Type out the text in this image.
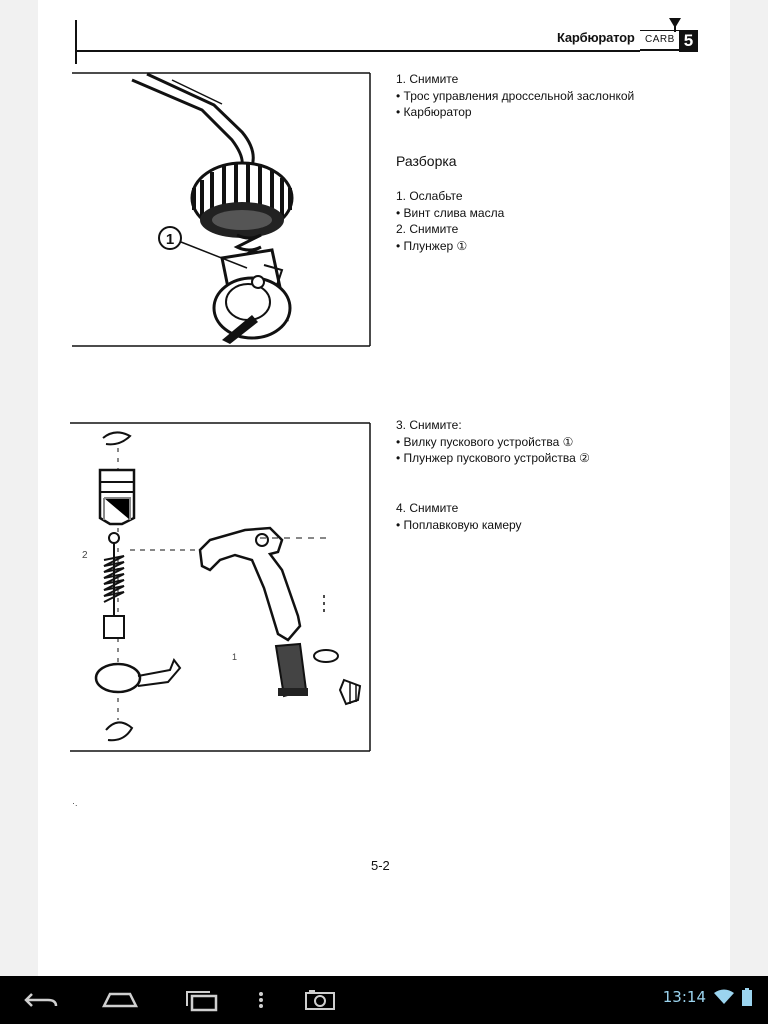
Карбюратор CARB 5
1
2
1
1. Снимите
• Трос управления дроссельной заслонкой
• Карбюратор
Разборка
1. Ослабьте
• Винт слива масла
2. Снимите
• Плунжер ①
3. Снимите:
• Вилку пускового устройства ①
• Плунжер пускового устройства ②
4. Снимите
• Поплавковую камеру
·.
5-2
13:14
